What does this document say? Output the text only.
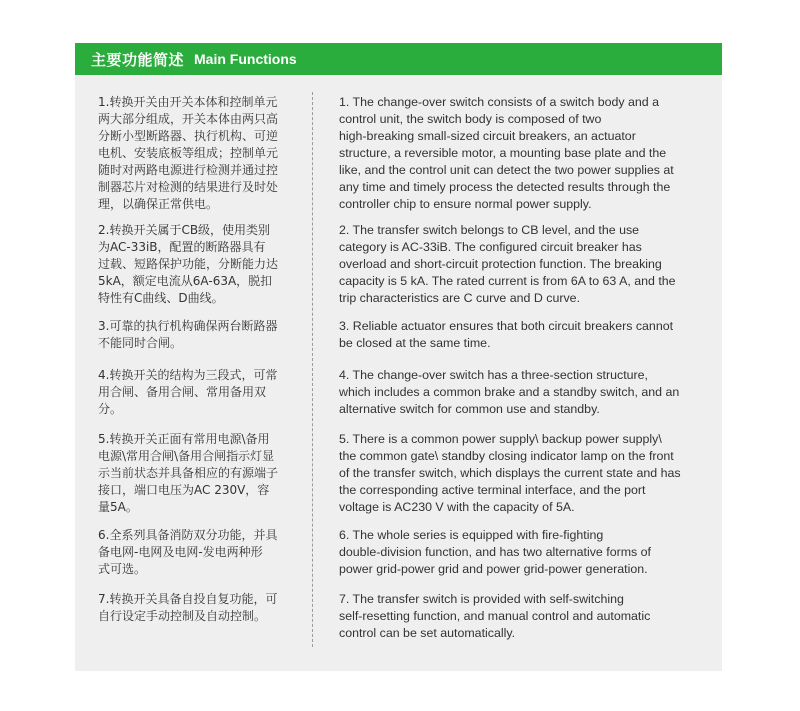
主要功能简述 Main Functions
1.转换开关由开关本体和控制单元
两大部分组成，开关本体由两只高
分断小型断路器、执行机构、可逆
电机、安装底板等组成；控制单元
随时对两路电源进行检测并通过控
制器芯片对检测的结果进行及时处
理，以确保正常供电。
1. The change-over switch consists of a switch body and a
control unit, the switch body is composed of two
high-breaking small-sized circuit breakers, an actuator
structure, a reversible motor, a mounting base plate and the
like, and the control unit can detect the two power supplies at
any time and timely process the detected results through the
controller chip to ensure normal power supply.
2.转换开关属于CB级，使用类别
为AC-33iB，配置的断路器具有
过载、短路保护功能，分断能力达
5kA，额定电流从6A-63A，脱扣
特性有C曲线、D曲线。
2. The transfer switch belongs to CB level, and the use
category is AC-33iB. The configured circuit breaker has
overload and short-circuit protection function. The breaking
capacity is 5 kA. The rated current is from 6A to 63 A, and the
trip characteristics are C curve and D curve.
3.可靠的执行机构确保两台断路器
不能同时合闸。
3. Reliable actuator ensures that both circuit breakers cannot
be closed at the same time.
4.转换开关的结构为三段式，可常
用合闸、备用合闸、常用备用双
分。
4. The change-over switch has a three-section structure,
which includes a common brake and a standby switch, and an
alternative switch for common use and standby.
5.转换开关正面有常用电源\备用
电源\常用合闸\备用合闸指示灯显
示当前状态并具备相应的有源端子
接口，端口电压为AC 230V，容
量5A。
5. There is a common power supply\ backup power supply\
the common gate\ standby closing indicator lamp on the front
of the transfer switch, which displays the current state and has
the corresponding active terminal interface, and the port
voltage is AC230 V with the capacity of 5A.
6.全系列具备消防双分功能，并具
备电网-电网及电网-发电两种形
式可选。
6. The whole series is equipped with fire-fighting
double-division function, and has two alternative forms of
power grid-power grid and power grid-power generation.
7.转换开关具备自投自复功能，可
自行设定手动控制及自动控制。
7. The transfer switch is provided with self-switching
self-resetting function, and manual control and automatic
control can be set automatically.
